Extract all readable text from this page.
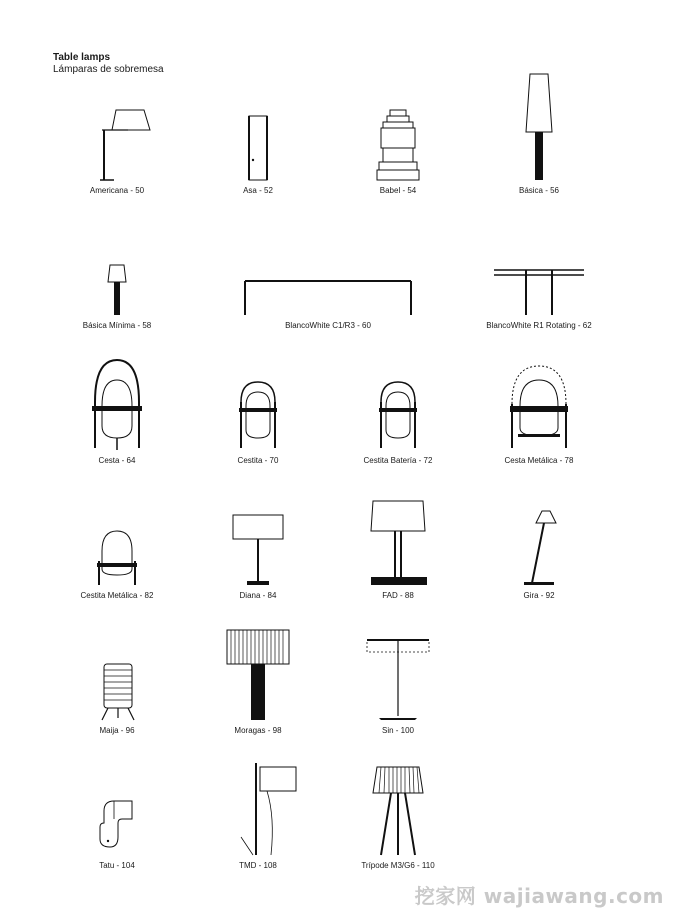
Table lamps
Lámparas de sobremesa
Americana - 50	Asa - 52	Babel - 54	Básica - 56
Básica Mínima - 58	BlancoWhite C1/R3 - 60	BlancoWhite R1 Rotating - 62
Cesta - 64	Cestita - 70	Cestita Batería - 72	Cesta Metálica - 78
Cestita Metálica - 82	Diana - 84	FAD - 88	Gira - 92
Maija - 96	Moragas - 98	Sin - 100
Tatu - 104	TMD - 108	Trípode M3/G6 - 110
挖家网 wajiawang.com
